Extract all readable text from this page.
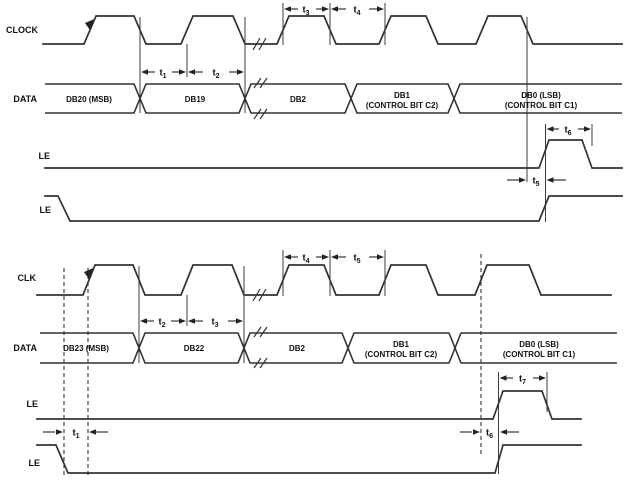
$t_3$	$t_4$
$t_1$	$t_2$
DB20 (MSB)	DB19	DB2	DB1
(CONTROL BIT C2)
DB0 (LSB)
(CONTROL BIT C1)
$t_6$
$t_5$
CLOCK
DATA
LE
LE
$t_4$	$t_5$
$t_2$	$t_3$
DB23 (MSB)	DB22	DB2	DB1
(CONTROL BIT C2)
DB0 (LSB)
(CONTROL BIT C1)
$t_7$
$t_6$
$t_1$
CLK
DATA
LE
LE
